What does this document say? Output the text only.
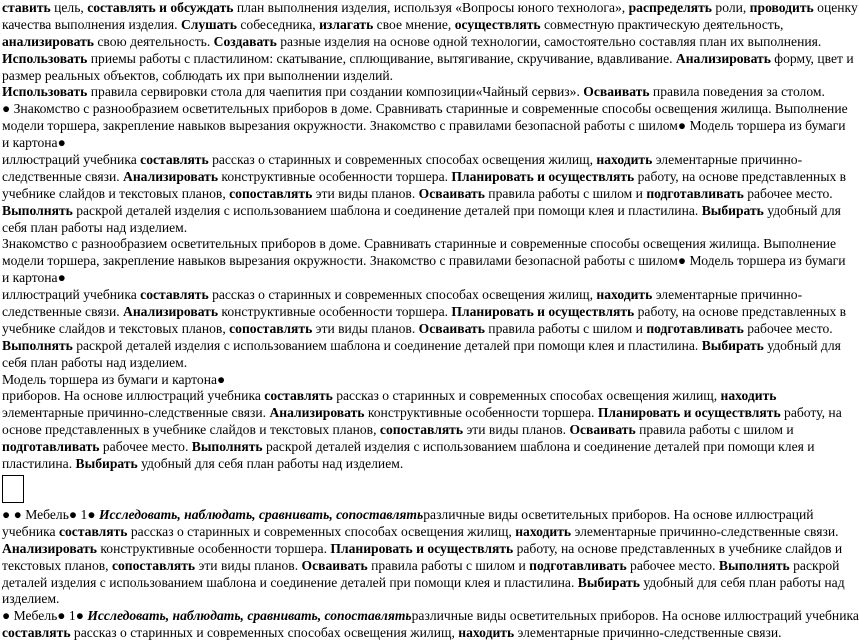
ставить цель, составлять и обсуждать план выполнения изделия, используя «Вопросы юного технолога», распределять роли, проводить оценку
качества выполнения изделия. Слушать собеседника, излагать свое мнение, осуществлять совместную практическую деятельность,
анализировать свою деятельность. Создавать разные изделия на основе одной технологии, самостоятельно составляя план их выполнения.
Использовать приемы работы с пластилином: скатывание, сплющивание, вытягивание, скручивание, вдавливание. Анализировать форму, цвет и
размер реальных объектов, соблюдать их при выполнении изделий.
Использовать правила сервировки стола для чаепития при создании композиции«Чайный сервиз». Осваивать правила поведения за столом.
● Знакомство с разнообразием осветительных приборов в доме. Сравнивать старинные и современные способы освещения жилища. Выполнение
модели торшера, закрепление навыков вырезания окружности. Знакомство с правилами безопасной работы с шилом● Модель торшера из бумаги
и картона●
иллюстраций учебника составлять рассказ о старинных и современных способах освещения жилищ, находить элементарные причинно-
следственные связи. Анализировать конструктивные особенности торшера. Планировать и осуществлять работу, на основе представленных в
учебнике слайдов и текстовых планов, сопоставлять эти виды планов. Осваивать правила работы с шилом и подготавливать рабочее место.
Выполнять раскрой деталей изделия с использованием шаблона и соединение деталей при помощи клея и пластилина. Выбирать удобный для
себя план работы над изделием.
Знакомство с разнообразием осветительных приборов в доме. Сравнивать старинные и современные способы освещения жилища. Выполнение
модели торшера, закрепление навыков вырезания окружности. Знакомство с правилами безопасной работы с шилом● Модель торшера из бумаги
и картона●
иллюстраций учебника составлять рассказ о старинных и современных способах освещения жилищ, находить элементарные причинно-
следственные связи. Анализировать конструктивные особенности торшера. Планировать и осуществлять работу, на основе представленных в
учебнике слайдов и текстовых планов, сопоставлять эти виды планов. Осваивать правила работы с шилом и подготавливать рабочее место.
Выполнять раскрой деталей изделия с использованием шаблона и соединение деталей при помощи клея и пластилина. Выбирать удобный для
себя план работы над изделием.
Модель торшера из бумаги и картона●
приборов. На основе иллюстраций учебника составлять рассказ о старинных и современных способах освещения жилищ, находить
элементарные причинно-следственные связи. Анализировать конструктивные особенности торшера. Планировать и осуществлять работу, на
основе представленных в учебнике слайдов и текстовых планов, сопоставлять эти виды планов. Осваивать правила работы с шилом и
подготавливать рабочее место. Выполнять раскрой деталей изделия с использованием шаблона и соединение деталей при помощи клея и
пластилина. Выбирать удобный для себя план работы над изделием.
● ● Мебель● 1● Исследовать, наблюдать, сравнивать, сопоставлятьразличные виды осветительных приборов. На основе иллюстраций
учебника составлять рассказ о старинных и современных способах освещения жилищ, находить элементарные причинно-следственные связи.
Анализировать конструктивные особенности торшера. Планировать и осуществлять работу, на основе представленных в учебнике слайдов и
текстовых планов, сопоставлять эти виды планов. Осваивать правила работы с шилом и подготавливать рабочее место. Выполнять раскрой
деталей изделия с использованием шаблона и соединение деталей при помощи клея и пластилина. Выбирать удобный для себя план работы над
изделием.
● Мебель● 1● Исследовать, наблюдать, сравнивать, сопоставлятьразличные виды осветительных приборов. На основе иллюстраций учебника
составлять рассказ о старинных и современных способах освещения жилищ, находить элементарные причинно-следственные связи.
